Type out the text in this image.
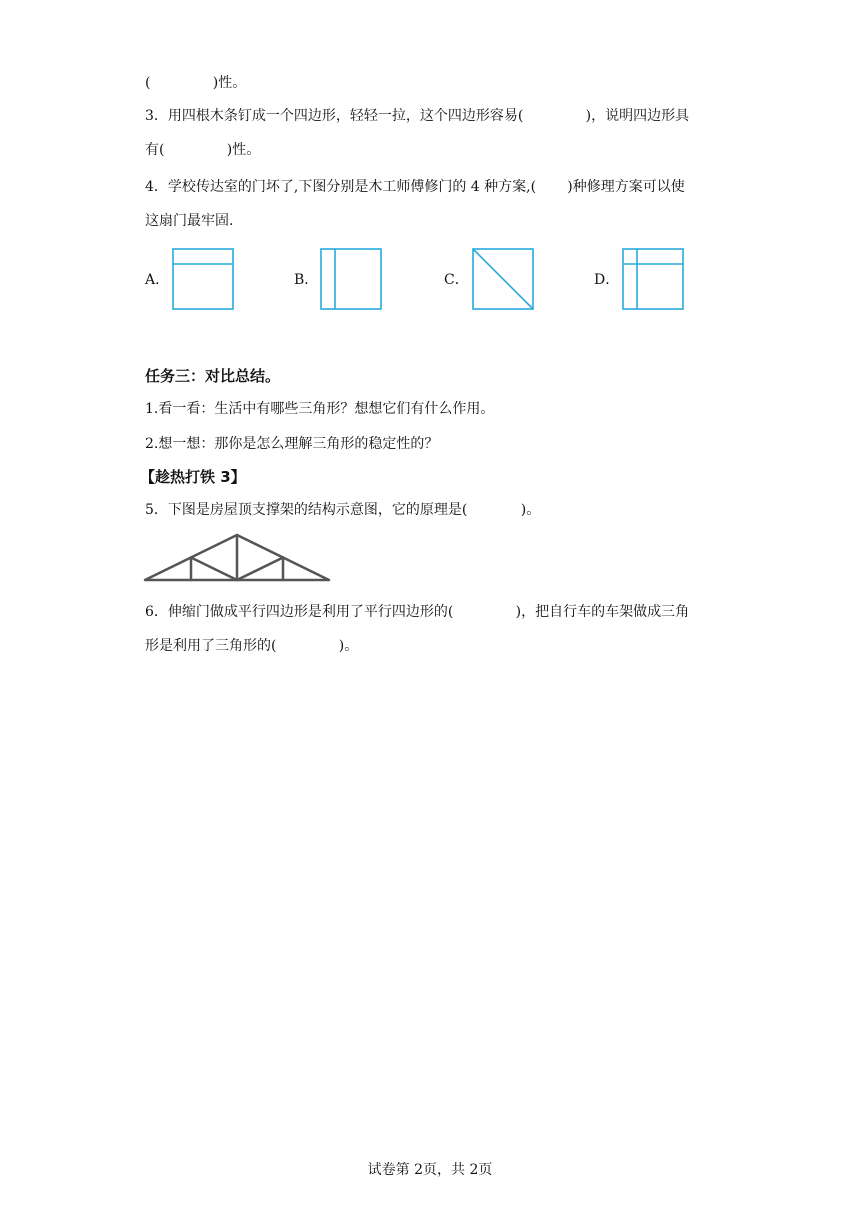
(              )性。
3．用四根木条钉成一个四边形，轻轻一拉，这个四边形容易(              )，说明四边形具
有(              )性。
4．学校传达室的门坏了,下图分别是木工师傅修门的 4 种方案,(       )种修理方案可以使
这扇门最牢固.
A．	B．	C．	D．
任务三：对比总结。
1.看一看：生活中有哪些三角形？想想它们有什么作用。
2.想一想：那你是怎么理解三角形的稳定性的？
【趁热打铁 3】
5．下图是房屋顶支撑架的结构示意图，它的原理是(            )。
6．伸缩门做成平行四边形是利用了平行四边形的(              )，把自行车的车架做成三角
形是利用了三角形的(              )。
试卷第 2页，共 2页
